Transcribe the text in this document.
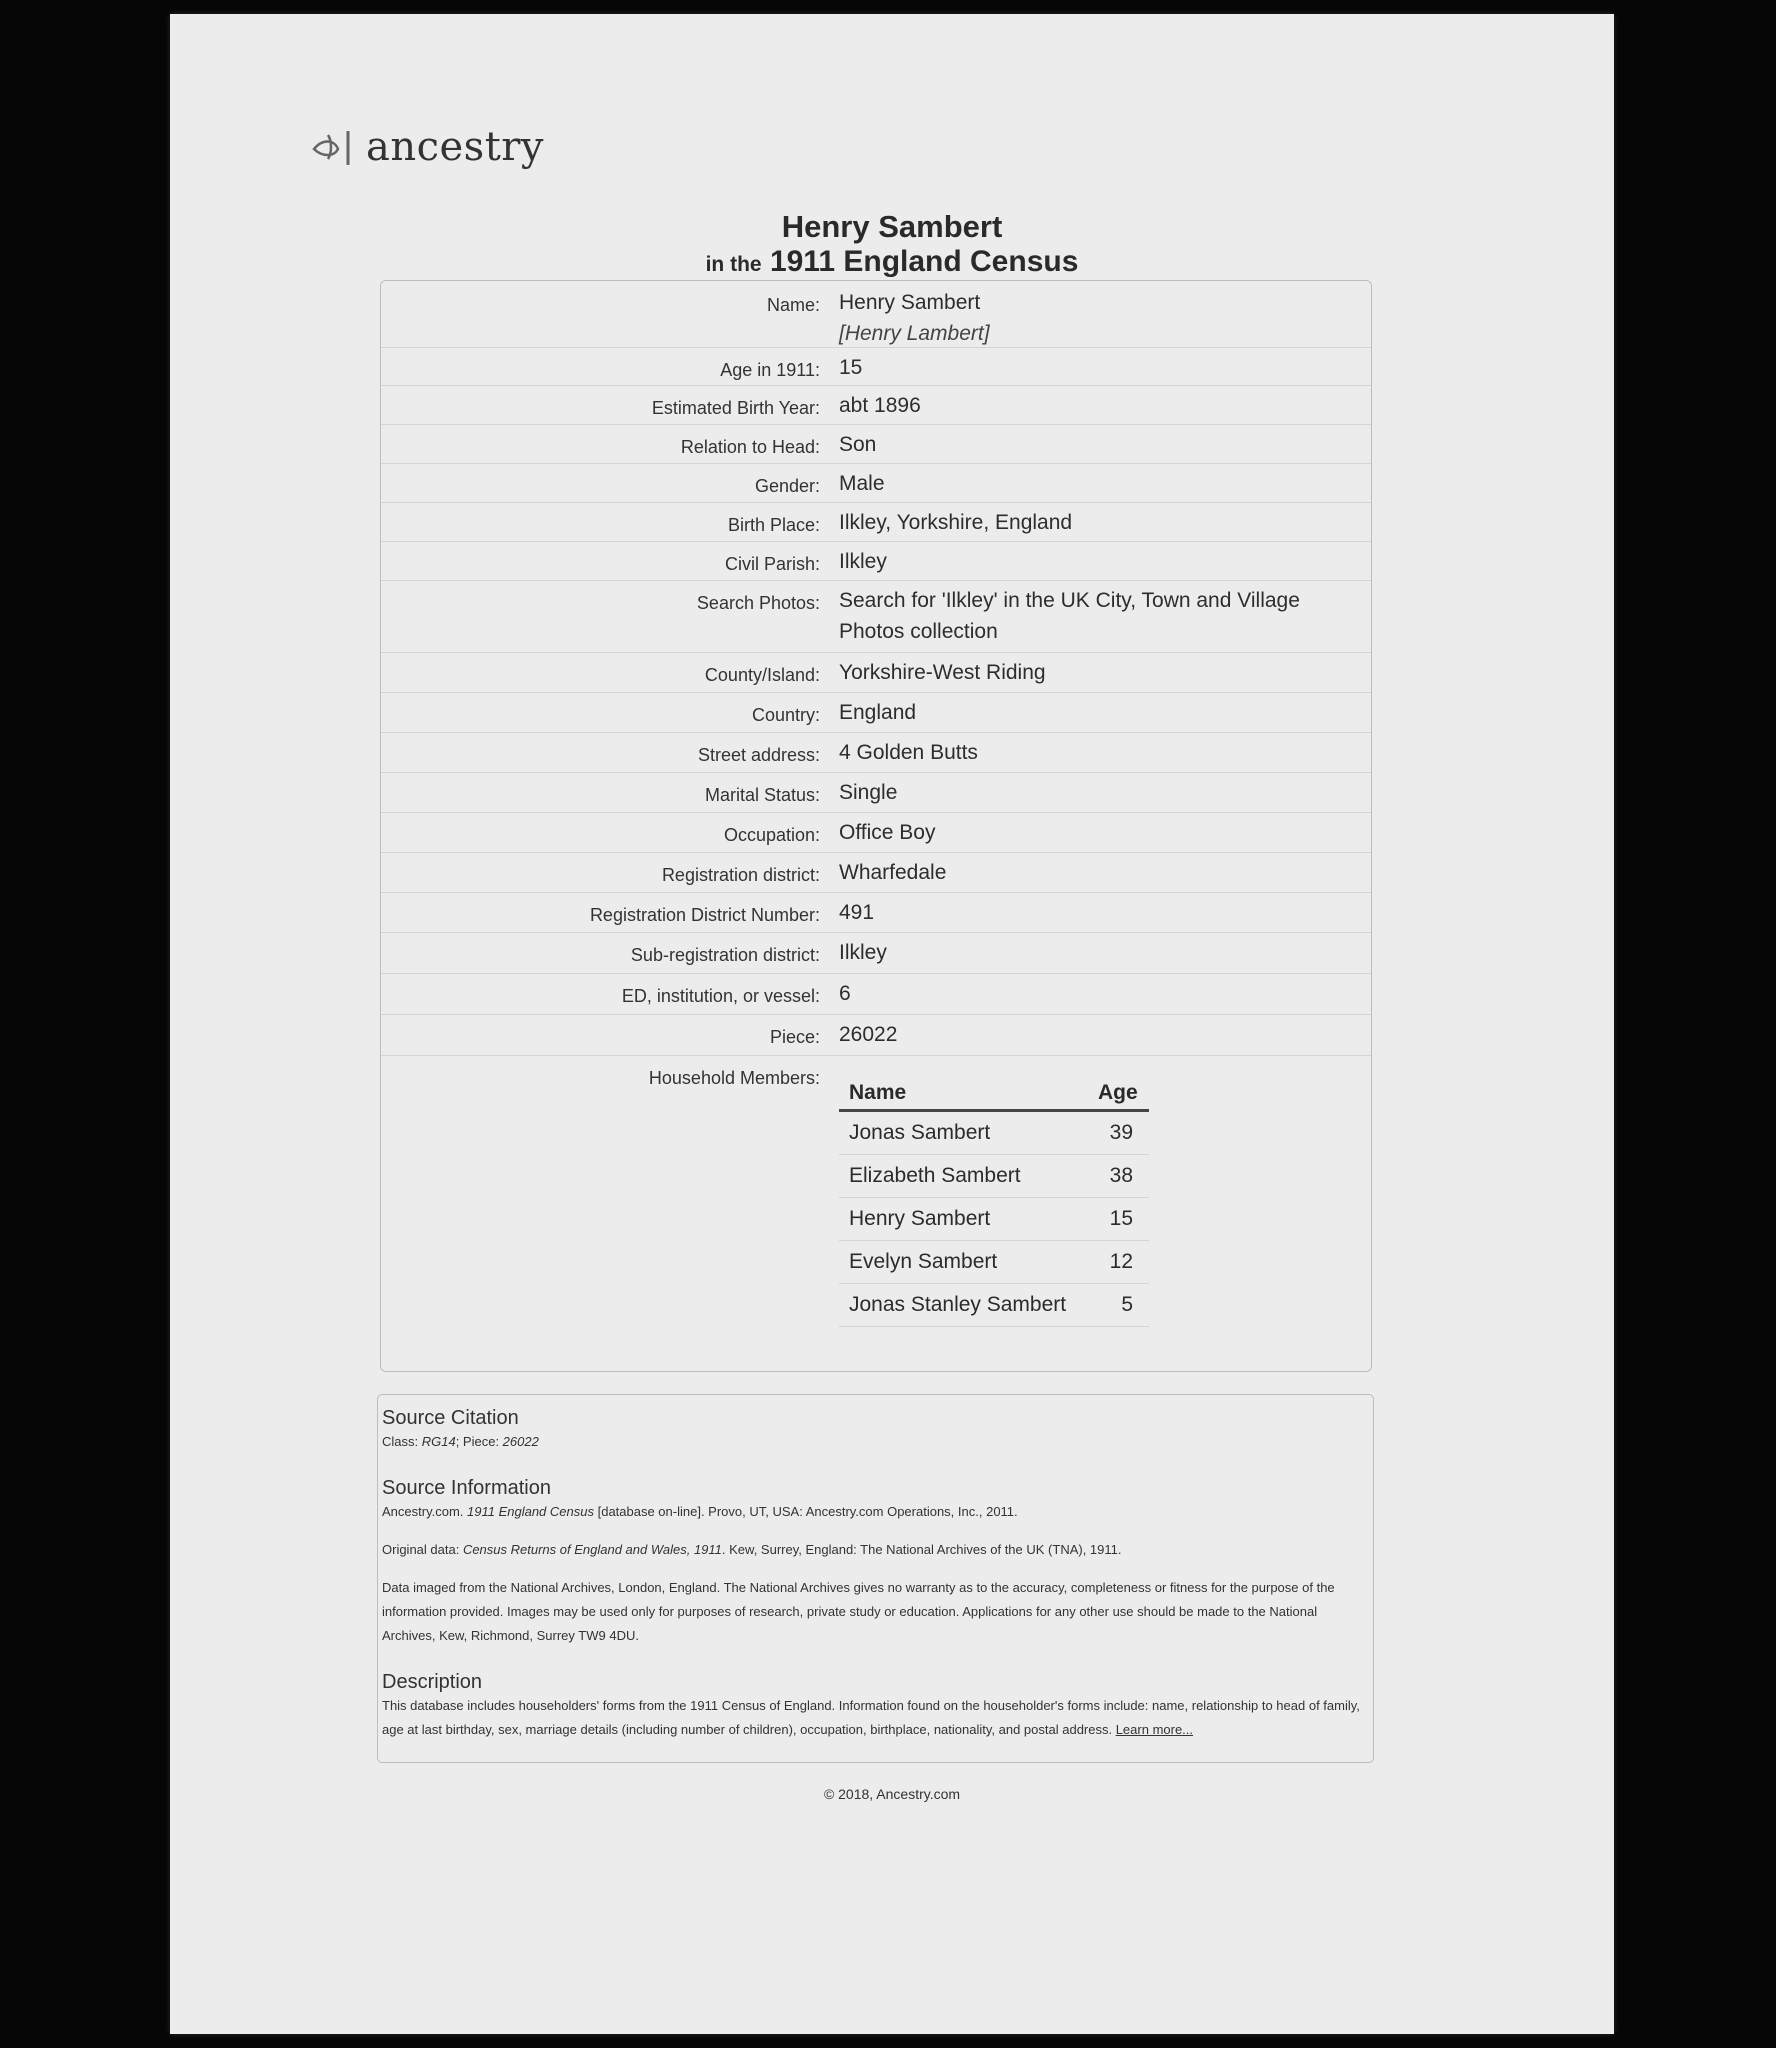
ancestry
Henry Sambert
in the 1911 England Census
Name: Henry Sambert
[Henry Lambert]
Age in 1911: 15
Estimated Birth Year: abt 1896
Relation to Head: Son
Gender: Male
Birth Place: Ilkley, Yorkshire, England
Civil Parish: Ilkley
Search Photos: Search for 'Ilkley' in the UK City, Town and Village Photos collection
County/Island: Yorkshire-West Riding
Country: England
Street address: 4 Golden Butts
Marital Status: Single
Occupation: Office Boy
Registration district: Wharfedale
Registration District Number: 491
Sub-registration district: Ilkley
ED, institution, or vessel: 6
Piece: 26022
Household Members:
Name	Age
Jonas Sambert	39
Elizabeth Sambert	38
Henry Sambert	15
Evelyn Sambert	12
Jonas Stanley Sambert	5

Source Citation

Class: RG14; Piece: 26022

Source Information

Ancestry.com. 1911 England Census [database on-line]. Provo, UT, USA: Ancestry.com Operations, Inc., 2011.

Original data: Census Returns of England and Wales, 1911. Kew, Surrey, England: The National Archives of the UK (TNA), 1911.

Data imaged from the National Archives, London, England. The National Archives gives no warranty as to the accuracy, completeness or fitness for the purpose of the information provided. Images may be used only for purposes of research, private study or education. Applications for any other use should be made to the National Archives, Kew, Richmond, Surrey TW9 4DU.

Description

This database includes householders' forms from the 1911 Census of England. Information found on the householder's forms include: name, relationship to head of family, age at last birthday, sex, marriage details (including number of children), occupation, birthplace, nationality, and postal address. Learn more...

© 2018, Ancestry.com
